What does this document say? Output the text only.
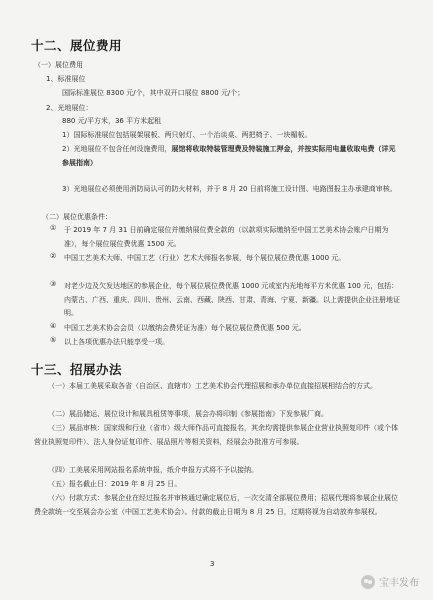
十二、展位费用
（一）展位费用
1、标准展位
国际标准展位 8300 元/个，其中双开口展位 8800 元/个；
2、光地展位：
880 元/平方米，36 平方米起租
1）国际标准展位包括展架展板、两只射灯、一个治谈桌、两把椅子、一块楣板。
2）光地展位不包含任何设施费用，展馆将收取特装管理费及特装施工押金，并按实际用电量收取电费（详见参展指南）
3）光地展位必须使用消防局认可的防火材料，并于 8 月 20 日前将施工设计图、电路图报主办承建商审核。
（二）展位优惠条件：
① 于 2019 年 7 月 31 日前确定展位并缴纳展位费全款的（以款项实际缴纳至中国工艺美术协会账户日期为准），每个展位展位费优惠 1500 元。
② 中国工艺美术大师、中国工艺（行业）艺术大师报名参展，每个展位展位费优惠 1000 元。
③ 对老少边及欠发达地区的参展企业，每个展位展位费优惠 1000 元或室内光地每平方米优惠 100 元，包括：内蒙古、广西、重庆、四川、贵州、云南、西藏、陕西、甘肃、青海、宁夏、新疆。以上需提供企业注册地证明。
④ 中国工艺美术协会会员（以缴纳会费凭证为准）每个展位展位费优惠 500 元。
⑤ 以上各项优惠办法只能享受一项。
十三、招展办法
（一）本届工美展采取各省（自治区、直辖市）工艺美术协会代理招展和承办单位直接招展相结合的方式。
（二）展品储运、展位设计和展具租赁等事项，展会办将印制《参展指南》下发参展厂商。
（三）展品审核：国家级和行业（省市）级大师作品可直接报名，其余均需提供参展企业营业执照复印件（或个体营业执照复印件）、法人身份证复印件、展品照片等相关资料，经展会办批准方可参展。
（四）工美展采用网站报名系统申报，纸介申报方式将不予以接纳。
（五）报名截止日：2019 年 8 月 25 日。
（六）付款方式：参展企业在经过报名并审核通过确定展位后，一次交清全部展位费用；招展代理将参展企业展位费全款统一交至展会办公室（中国工艺美术协会）。付款的截止日期为 8 月 25 日，过期将视为自动放弃参展权。
3
宝丰发布
